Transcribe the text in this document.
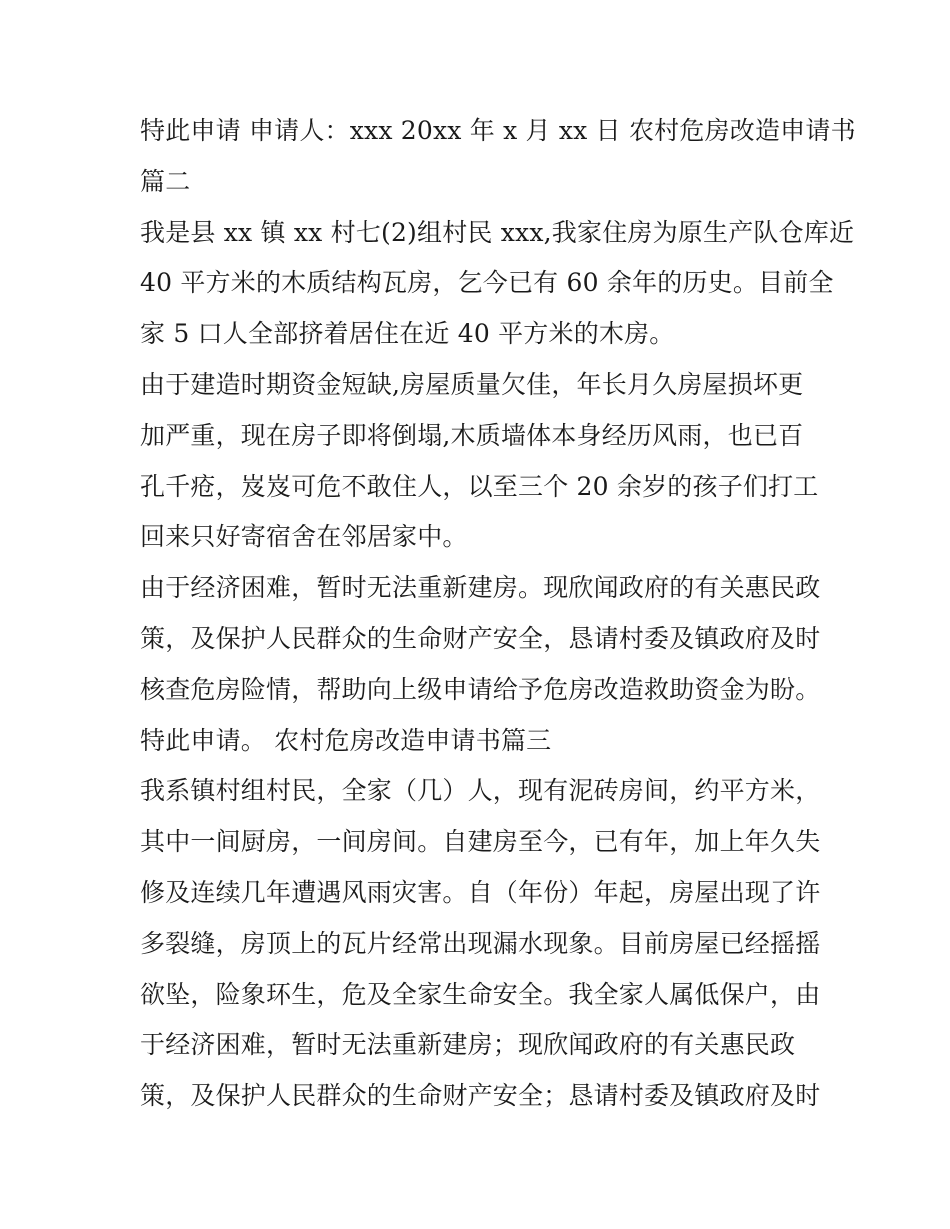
特此申请 申请人：xxx 20xx 年 x 月 xx 日 农村危房改造申请书
篇二
我是县 xx 镇 xx 村七(2)组村民 xxx,我家住房为原生产队仓库近
40 平方米的木质结构瓦房，乞今已有 60 余年的历史。目前全
家 5 口人全部挤着居住在近 40 平方米的木房。
由于建造时期资金短缺,房屋质量欠佳，年长月久房屋损坏更
加严重，现在房子即将倒塌,木质墙体本身经历风雨，也已百
孔千疮，岌岌可危不敢住人，以至三个 20 余岁的孩子们打工
回来只好寄宿舍在邻居家中。
由于经济困难，暂时无法重新建房。现欣闻政府的有关惠民政
策，及保护人民群众的生命财产安全，恳请村委及镇政府及时
核查危房险情，帮助向上级申请给予危房改造救助资金为盼。
特此申请。 农村危房改造申请书篇三
我系镇村组村民，全家（几）人，现有泥砖房间，约平方米，
其中一间厨房，一间房间。自建房至今，已有年，加上年久失
修及连续几年遭遇风雨灾害。自（年份）年起，房屋出现了许
多裂缝，房顶上的瓦片经常出现漏水现象。目前房屋已经摇摇
欲坠，险象环生，危及全家生命安全。我全家人属低保户，由
于经济困难，暂时无法重新建房；现欣闻政府的有关惠民政
策，及保护人民群众的生命财产安全；恳请村委及镇政府及时
